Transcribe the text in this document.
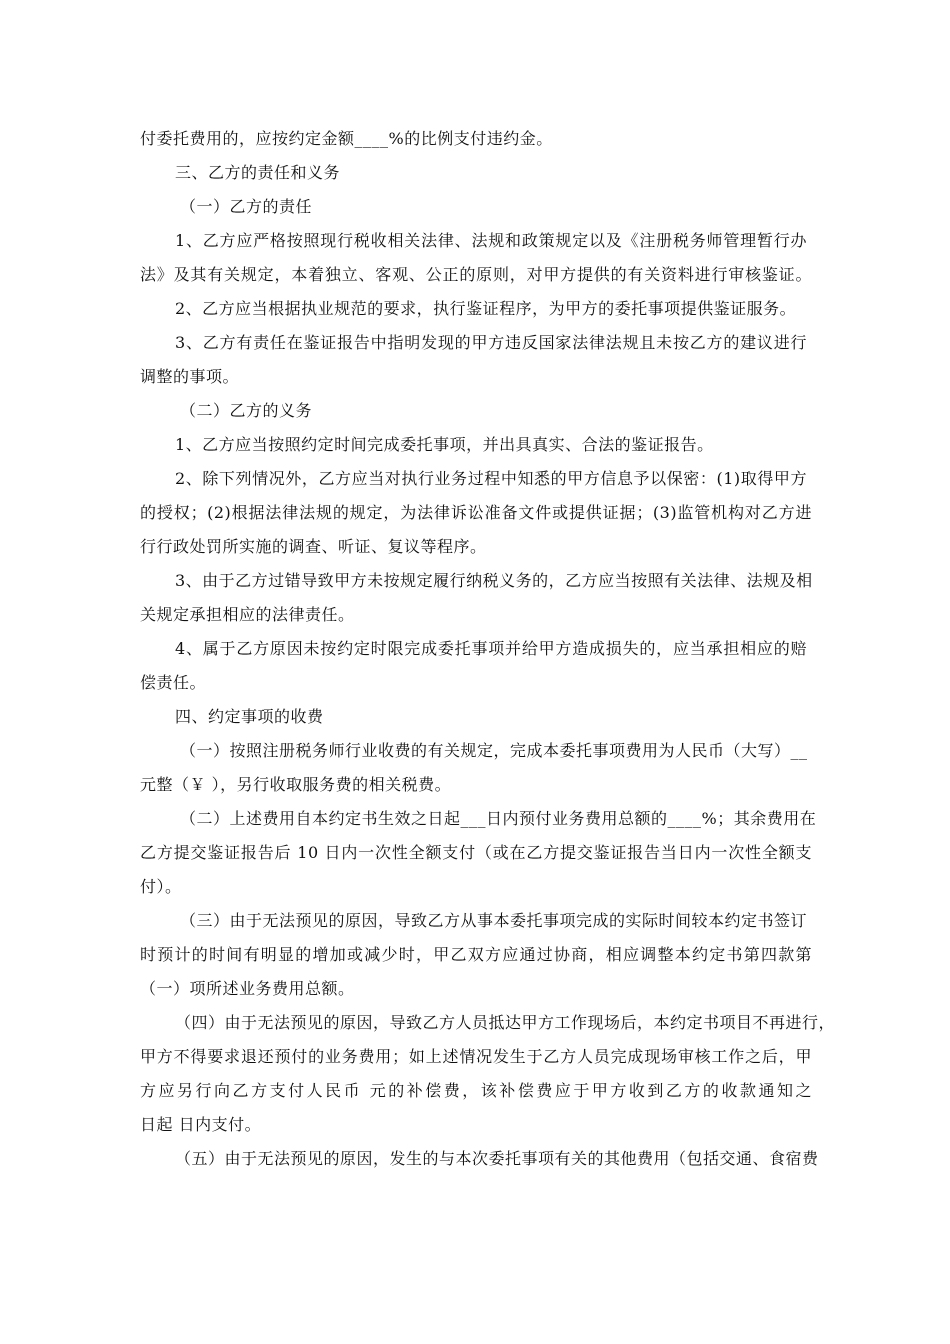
付委托费用的，应按约定金额____%的比例支付违约金。

三、乙方的责任和义务

（一）乙方的责任

1、乙方应严格按照现行税收相关法律、法规和政策规定以及《注册税务师管理暂行办

法》及其有关规定，本着独立、客观、公正的原则，对甲方提供的有关资料进行审核鉴证。

2、乙方应当根据执业规范的要求，执行鉴证程序，为甲方的委托事项提供鉴证服务。

3、乙方有责任在鉴证报告中指明发现的甲方违反国家法律法规且未按乙方的建议进行

调整的事项。

（二）乙方的义务

1、乙方应当按照约定时间完成委托事项，并出具真实、合法的鉴证报告。

2、除下列情况外，乙方应当对执行业务过程中知悉的甲方信息予以保密：(1)取得甲方

的授权；(2)根据法律法规的规定，为法律诉讼准备文件或提供证据；(3)监管机构对乙方进

行行政处罚所实施的调查、听证、复议等程序。

3、由于乙方过错导致甲方未按规定履行纳税义务的，乙方应当按照有关法律、法规及相

关规定承担相应的法律责任。

4、属于乙方原因未按约定时限完成委托事项并给甲方造成损失的，应当承担相应的赔

偿责任。

四、约定事项的收费

（一）按照注册税务师行业收费的有关规定，完成本委托事项费用为人民币（大写）__

元整（￥ ），另行收取服务费的相关税费。

（二）上述费用自本约定书生效之日起___日内预付业务费用总额的____%；其余费用在

乙方提交鉴证报告后 10 日内一次性全额支付（或在乙方提交鉴证报告当日内一次性全额支

付）。

（三）由于无法预见的原因，导致乙方从事本委托事项完成的实际时间较本约定书签订

时预计的时间有明显的增加或减少时，甲乙双方应通过协商，相应调整本约定书第四款第

（一）项所述业务费用总额。

（四）由于无法预见的原因，导致乙方人员抵达甲方工作现场后，本约定书项目不再进行，

甲方不得要求退还预付的业务费用；如上述情况发生于乙方人员完成现场审核工作之后，甲

方应另行向乙方支付人民币 元的补偿费，该补偿费应于甲方收到乙方的收款通知之

日起 日内支付。

（五）由于无法预见的原因，发生的与本次委托事项有关的其他费用（包括交通、食宿费
